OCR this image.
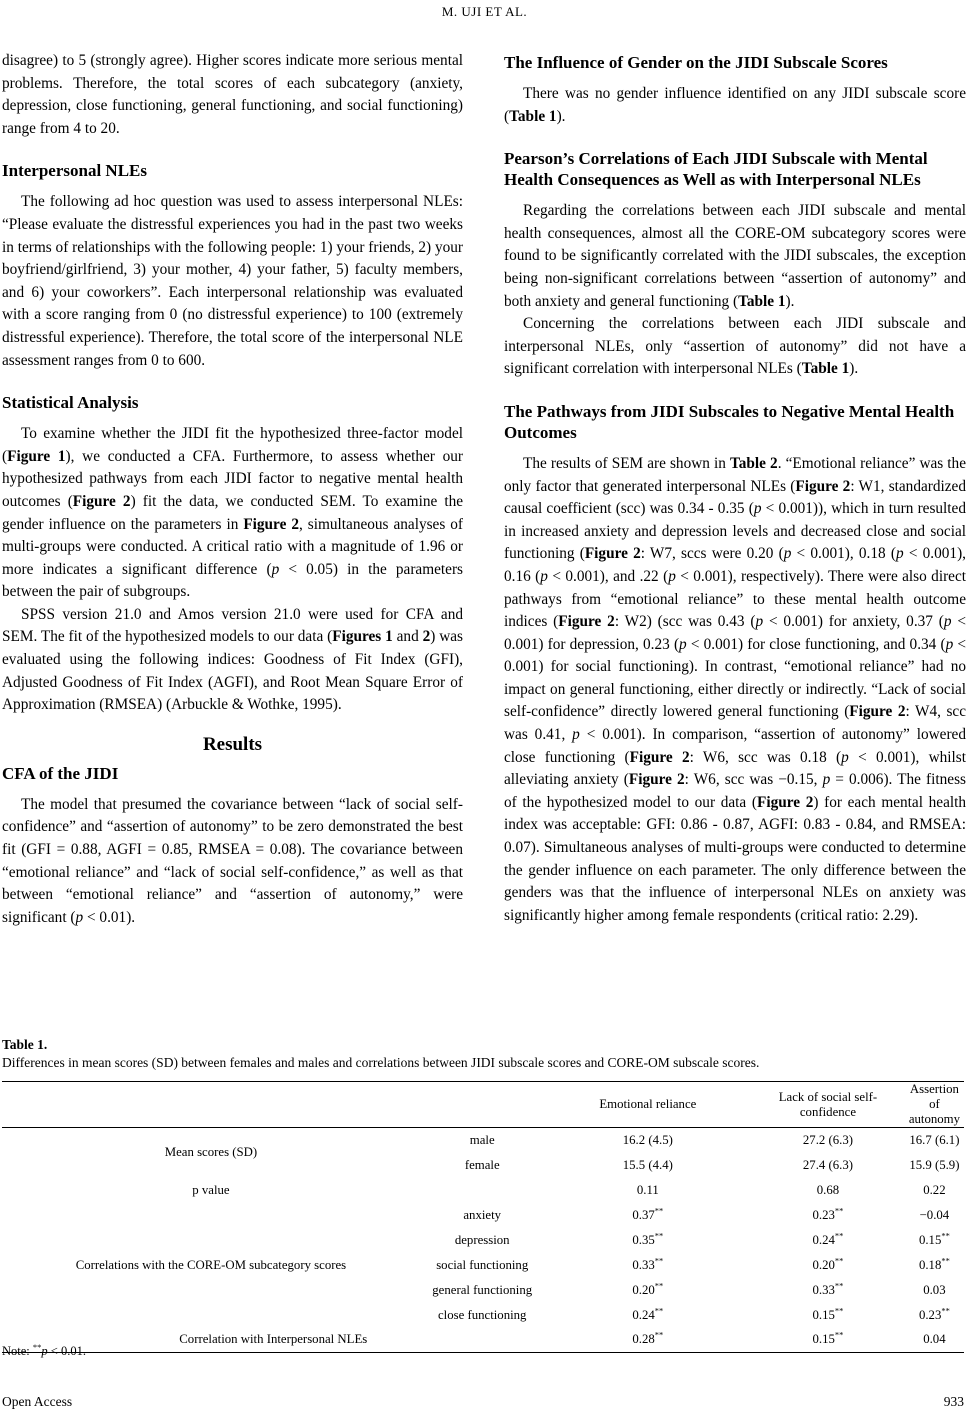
M. UJI ET AL.

disagree) to 5 (strongly agree). Higher scores indicate more serious mental problems. Therefore, the total scores of each subcategory (anxiety, depression, close functioning, general functioning, and social functioning) range from 4 to 20.

Interpersonal NLEs

The following ad hoc question was used to assess interpersonal NLEs: “Please evaluate the distressful experiences you had in the past two weeks in terms of relationships with the following people: 1) your friends, 2) your boyfriend/girlfriend, 3) your mother, 4) your father, 5) faculty members, and 6) your coworkers”. Each interpersonal relationship was evaluated with a score ranging from 0 (no distressful experience) to 100 (extremely distressful experience). Therefore, the total score of the interpersonal NLE assessment ranges from 0 to 600.

Statistical Analysis

To examine whether the JIDI fit the hypothesized three-factor model (Figure 1), we conducted a CFA. Furthermore, to assess whether our hypothesized pathways from each JIDI factor to negative mental health outcomes (Figure 2) fit the data, we conducted SEM. To examine the gender influence on the parameters in Figure 2, simultaneous analyses of multi-groups were conducted. A critical ratio with a magnitude of 1.96 or more indicates a significant difference (p < 0.05) in the parameters between the pair of subgroups.

SPSS version 21.0 and Amos version 21.0 were used for CFA and SEM. The fit of the hypothesized models to our data (Figures 1 and 2) was evaluated using the following indices: Goodness of Fit Index (GFI), Adjusted Goodness of Fit Index (AGFI), and Root Mean Square Error of Approximation (RMSEA) (Arbuckle & Wothke, 1995).

Results
CFA of the JIDI

The model that presumed the covariance between “lack of social self-confidence” and “assertion of autonomy” to be zero demonstrated the best fit (GFI = 0.88, AGFI = 0.85, RMSEA = 0.08). The covariance between “emotional reliance” and “lack of social self-confidence,” as well as that between “emotional reliance” and “assertion of autonomy,” were significant (p < 0.01).

The Influence of Gender on the JIDI Subscale Scores

There was no gender influence identified on any JIDI subscale score (Table 1).

Pearson’s Correlations of Each JIDI Subscale with Mental Health Consequences as Well as with Interpersonal NLEs

Regarding the correlations between each JIDI subscale and mental health consequences, almost all the CORE-OM subcategory scores were found to be significantly correlated with the JIDI subscales, the exception being non-significant correlations between “assertion of autonomy” and both anxiety and general functioning (Table 1).

Concerning the correlations between each JIDI subscale and interpersonal NLEs, only “assertion of autonomy” did not have a significant correlation with interpersonal NLEs (Table 1).

The Pathways from JIDI Subscales to Negative Mental Health Outcomes

The results of SEM are shown in Table 2. “Emotional reliance” was the only factor that generated interpersonal NLEs (Figure 2: W1, standardized causal coefficient (scc) was 0.34 - 0.35 (p < 0.001)), which in turn resulted in increased anxiety and depression levels and decreased close and social functioning (Figure 2: W7, sccs were 0.20 (p < 0.001), 0.18 (p < 0.001), 0.16 (p < 0.001), and .22 (p < 0.001), respectively). There were also direct pathways from “emotional reliance” to these mental health outcome indices (Figure 2: W2) (scc was 0.43 (p < 0.001) for anxiety, 0.37 (p < 0.001) for depression, 0.23 (p < 0.001) for close functioning, and 0.34 (p < 0.001) for social functioning). In contrast, “emotional reliance” had no impact on general functioning, either directly or indirectly. “Lack of social self-confidence” directly lowered general functioning (Figure 2: W4, scc was 0.41, p < 0.001). In comparison, “assertion of autonomy” lowered close functioning (Figure 2: W6, scc was 0.18 (p < 0.001), whilst alleviating anxiety (Figure 2: W6, scc was −0.15, p = 0.006). The fitness of the hypothesized model to our data (Figure 2) for each mental health index was acceptable: GFI: 0.86 - 0.87, AGFI: 0.83 - 0.84, and RMSEA: 0.07). Simultaneous analyses of multi-groups were conducted to determine the gender influence on each parameter. The only difference between the genders was that the influence of interpersonal NLEs on anxiety was significantly higher among female respondents (critical ratio: 2.29).

Table 1.
Differences in mean scores (SD) between females and males and correlations between JIDI subscale scores and CORE-OM subscale scores.
		Emotional reliance	Lack of social self-confidence	Assertion of autonomy
Mean scores (SD)	male	16.2 (4.5)	27.2 (6.3)	16.7 (6.1)
	female	15.5 (4.4)	27.4 (6.3)	15.9 (5.9)
p value		0.11	0.68	0.22
Correlations with the CORE-OM subcategory scores	anxiety	0.37**	0.23**	−0.04
	depression	0.35**	0.24**	0.15**
	social functioning	0.33**	0.20**	0.18**
	general functioning	0.20**	0.33**	0.03
	close functioning	0.24**	0.15**	0.23**
Correlation with Interpersonal NLEs		0.28**	0.15**	0.04
Note: **p < 0.01.
Open Access	933
